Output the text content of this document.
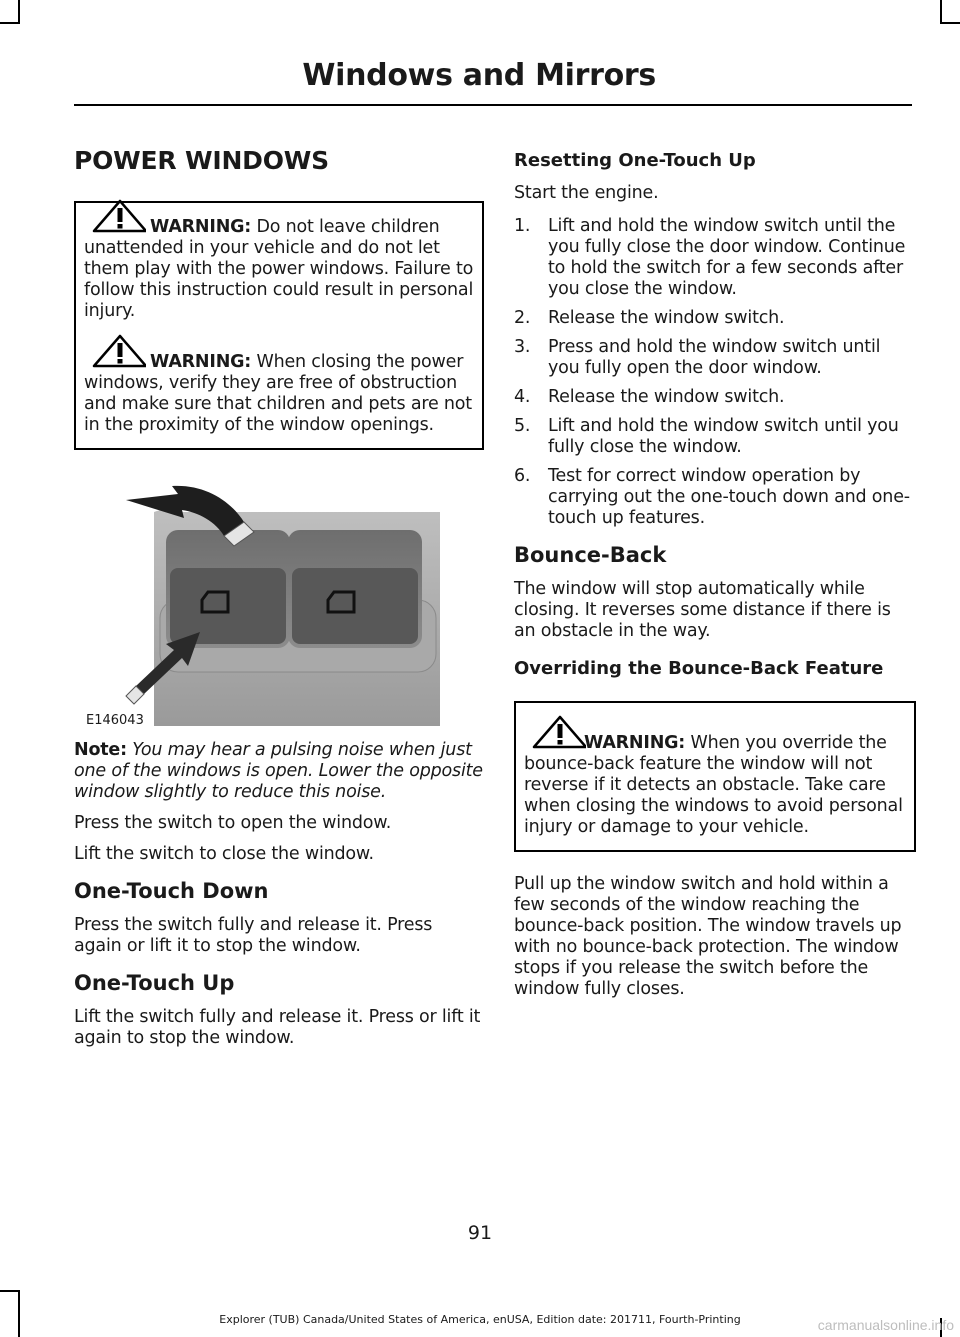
Windows and Mirrors
POWER WINDOWS

WARNING: Do not leave children unattended in your vehicle and do not let them play with the power windows. Failure to follow this instruction could result in personal injury.

WARNING: When closing the power windows, verify they are free of obstruction and make sure that children and pets are not in the proximity of the window openings.

E146043

Note: You may hear a pulsing noise when just one of the windows is open. Lower the opposite window slightly to reduce this noise.

Press the switch to open the window.

Lift the switch to close the window.

One-Touch Down

Press the switch fully and release it. Press again or lift it to stop the window.

One-Touch Up

Lift the switch fully and release it. Press or lift it again to stop the window.

Resetting One-Touch Up

Start the engine.

1. Lift and hold the window switch until the you fully close the door window. Continue to hold the switch for a few seconds after you close the window.
2. Release the window switch.
3. Press and hold the window switch until you fully open the door window.
4. Release the window switch.
5. Lift and hold the window switch until you fully close the window.
6. Test for correct window operation by carrying out the one-touch down and one-touch up features.
Bounce-Back

The window will stop automatically while closing. It reverses some distance if there is an obstacle in the way.

Overriding the Bounce-Back Feature

WARNING: When you override the bounce-back feature the window will not reverse if it detects an obstacle. Take care when closing the windows to avoid personal injury or damage to your vehicle.

Pull up the window switch and hold within a few seconds of the window reaching the bounce-back position. The window travels up with no bounce-back protection. The window stops if you release the switch before the window fully closes.

91
Explorer (TUB) Canada/United States of America, enUSA, Edition date: 201711, Fourth-Printing	carmanualsonline.info
